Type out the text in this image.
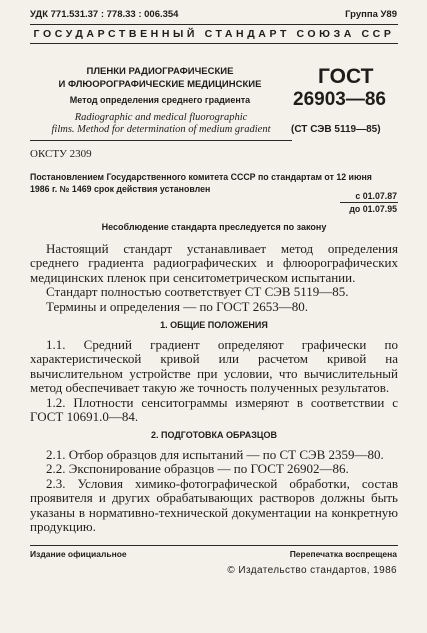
УДК 771.531.37 : 778.33 : 006.354	Группа У89
ГОСУДАРСТВЕННЫЙ СТАНДАРТ СОЮЗА ССР
ПЛЕНКИ РАДИОГРАФИЧЕСКИЕ
И ФЛЮОРОГРАФИЧЕСКИЕ МЕДИЦИНСКИЕ
Метод определения среднего градиента
Radiographic and medical fluorographic
films. Method for determination of medium gradient
ГОСТ
26903—86
(СТ СЭВ 5119—85)
ОКСТУ 2309
Постановлением Государственного комитета СССР по стандартам от 12 июня
1986 г. № 1469 срок действия установлен
с 01.07.87
до 01.07.95
Несоблюдение стандарта преследуется по закону

Настоящий стандарт устанавливает метод определения среднего градиента радиографических и флюорографических медицинских пленок при сенситометрическом испытании.

Стандарт полностью соответствует СТ СЭВ 5119—85.

Термины и определения — по ГОСТ 2653—80.

1. ОБЩИЕ ПОЛОЖЕНИЯ

1.1. Средний градиент определяют графически по характеристической кривой или расчетом кривой на вычислительном устройстве при условии, что вычислительный метод обеспечивает такую же точность полученных результатов.

1.2. Плотности сенситограммы измеряют в соответствии с ГОСТ 10691.0—84.

2. ПОДГОТОВКА ОБРАЗЦОВ

2.1. Отбор образцов для испытаний — по СТ СЭВ 2359—80.

2.2. Экспонирование образцов — по ГОСТ 26902—86.

2.3. Условия химико-фотографической обработки, состав проявителя и других обрабатывающих растворов должны быть указаны в нормативно-технической документации на конкретную продукцию.

Издание официальное	Перепечатка воспрещена
© Издательство стандартов, 1986
